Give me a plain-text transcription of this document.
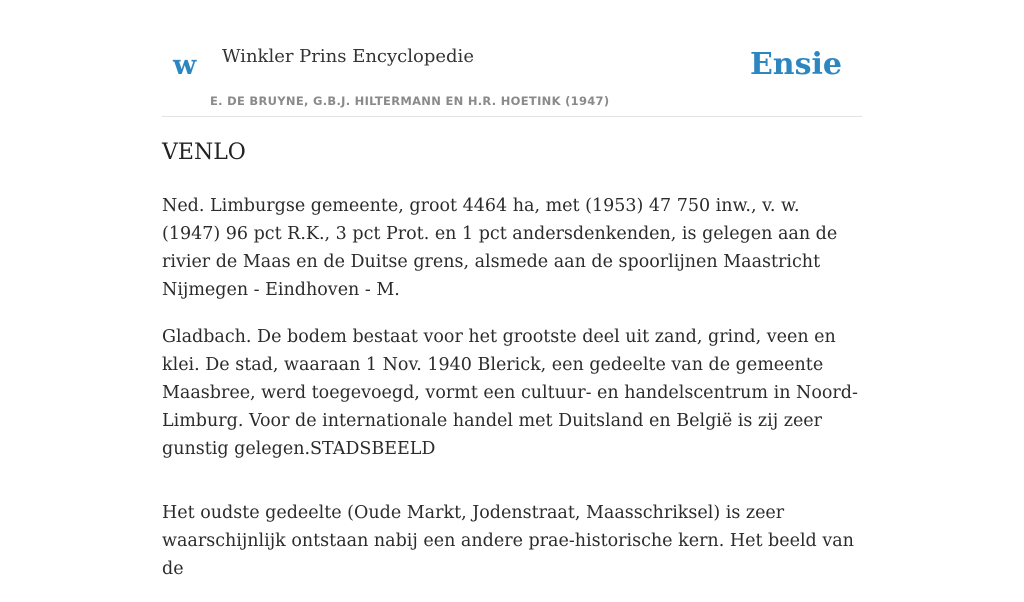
w Winkler Prins Encyclopedie
E. DE BRUYNE, G.B.J. HILTERMANN EN H.R. HOETINK (1947)
Ensie
VENLO

Ned. Limburgse gemeente, groot 4464 ha, met (1953) 47 750 inw., v. w. (1947) 96 pct R.K., 3 pct Prot. en 1 pct andersdenkenden, is gelegen aan de rivier de Maas en de Duitse grens, alsmede aan de spoorlijnen Maastricht Nijmegen - Eindhoven - M.

Gladbach. De bodem bestaat voor het grootste deel uit zand, grind, veen en klei. De stad, waaraan 1 Nov. 1940 Blerick, een gedeelte van de gemeente Maasbree, werd toegevoegd, vormt een cultuur- en handelscentrum in Noord-Limburg. Voor de internationale handel met Duitsland en België is zij zeer gunstig gelegen.STADSBEELD

Het oudste gedeelte (Oude Markt, Jodenstraat, Maasschriksel) is zeer waarschijnlijk ontstaan nabij een andere prae-historische kern. Het beeld van de
